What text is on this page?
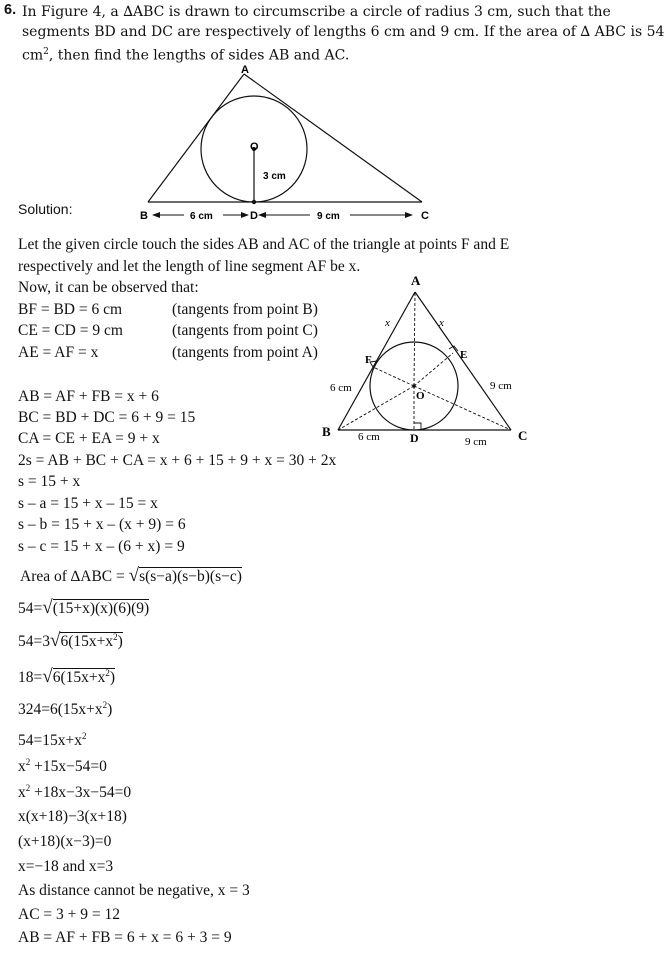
6. In Figure 4, a ∆ABC is drawn to circumscribe a circle of radius 3 cm, such that the
segments BD and DC are respectively of lengths 6 cm and 9 cm. If the area of ∆ ABC is 54
$cm^2$, then find the lengths of sides AB and AC.
A
O
3 cm
B	D	C
6 cm	9 cm
Solution:
Let the given circle touch the sides AB and AC of the triangle at points F and E
respectively and let the length of line segment AF be x.
Now, it can be observed that:
BF = BD = 6 cm	(tangents from point B)
CE = CD = 9 cm	(tangents from point C)
AE = AF = x	(tangents from point A)
A
x	x
F	E
O
6 cm	9 cm
B 6 cm	D	9 cm C
AB = AF + FB = x + 6
BC = BD + DC = 6 + 9 = 15
CA = CE + EA = 9 + x
2s = AB + BC + CA = x + 6 + 15 + 9 + x = 30 + 2x
s = 15 + x
s – a = 15 + x – 15 = x
s – b = 15 + x – (x + 9) = 6
s – c = 15 + x – (6 + x) = 9
Area of ∆ABC = √s(s−a)(s−b)(s−c)
54=√(15+x)(x)(6)(9)
$54=3√6(15x+x^2)$
$18=√6(15x+x^2)$
$324=6(15x+x^2)$
$54=15x+x^2$
$x^2 +15x-54=0$
$x^2 +18x-3x-54=0$
x(x+18)−3(x+18)
(x+18)(x−3)=0
x=−18 and x=3
As distance cannot be negative, x = 3
AC = 3 + 9 = 12
AB = AF + FB = 6 + x = 6 + 3 = 9
